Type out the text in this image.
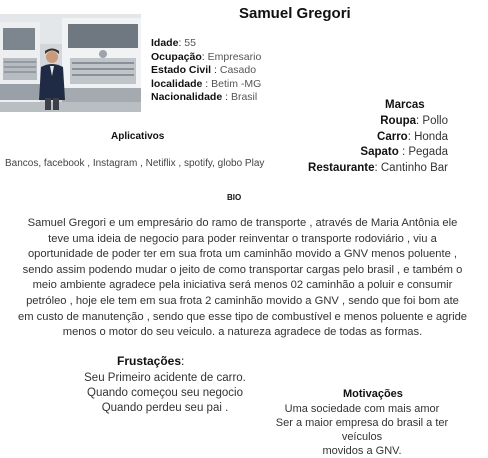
Samuel Gregori
Idade: 55
Ocupação: Empresario
Estado Civil : Casado
localidade : Betim -MG
Nacionalidade : Brasil
Marcas
Roupa: Pollo
Carro: Honda
Sapato : Pegada
Restaurante: Cantinho Bar
Aplicativos
Bancos, facebook , Instagram , Netiflix , spotify, globo Play
BIO
Samuel Gregori e um empresário do ramo de transporte , através de Maria Antônia ele
teve uma ideia de negocio para poder reinventar o transporte rodoviário , viu a
oportunidade de poder ter em sua frota um caminhão movido a GNV menos poluente ,
sendo assim podendo mudar o jeito de como transportar cargas pelo brasil , e também o
meio ambiente agradece pela iniciativa será menos 02 caminhão a poluir e consumir
petróleo , hoje ele tem em sua frota 2 caminhão movido a GNV , sendo que foi bom ate
em custo de manutenção , sendo que esse tipo de combustível e menos poluente e agride
menos o motor do seu veiculo. a natureza agradece de todas as formas.
Frustações:
Seu Primeiro acidente de carro.
Quando começou seu negocio
Quando perdeu seu pai .
Motivações
Uma sociedade com mais amor
Ser a maior empresa do brasil a ter veículos
movidos a GNV.
